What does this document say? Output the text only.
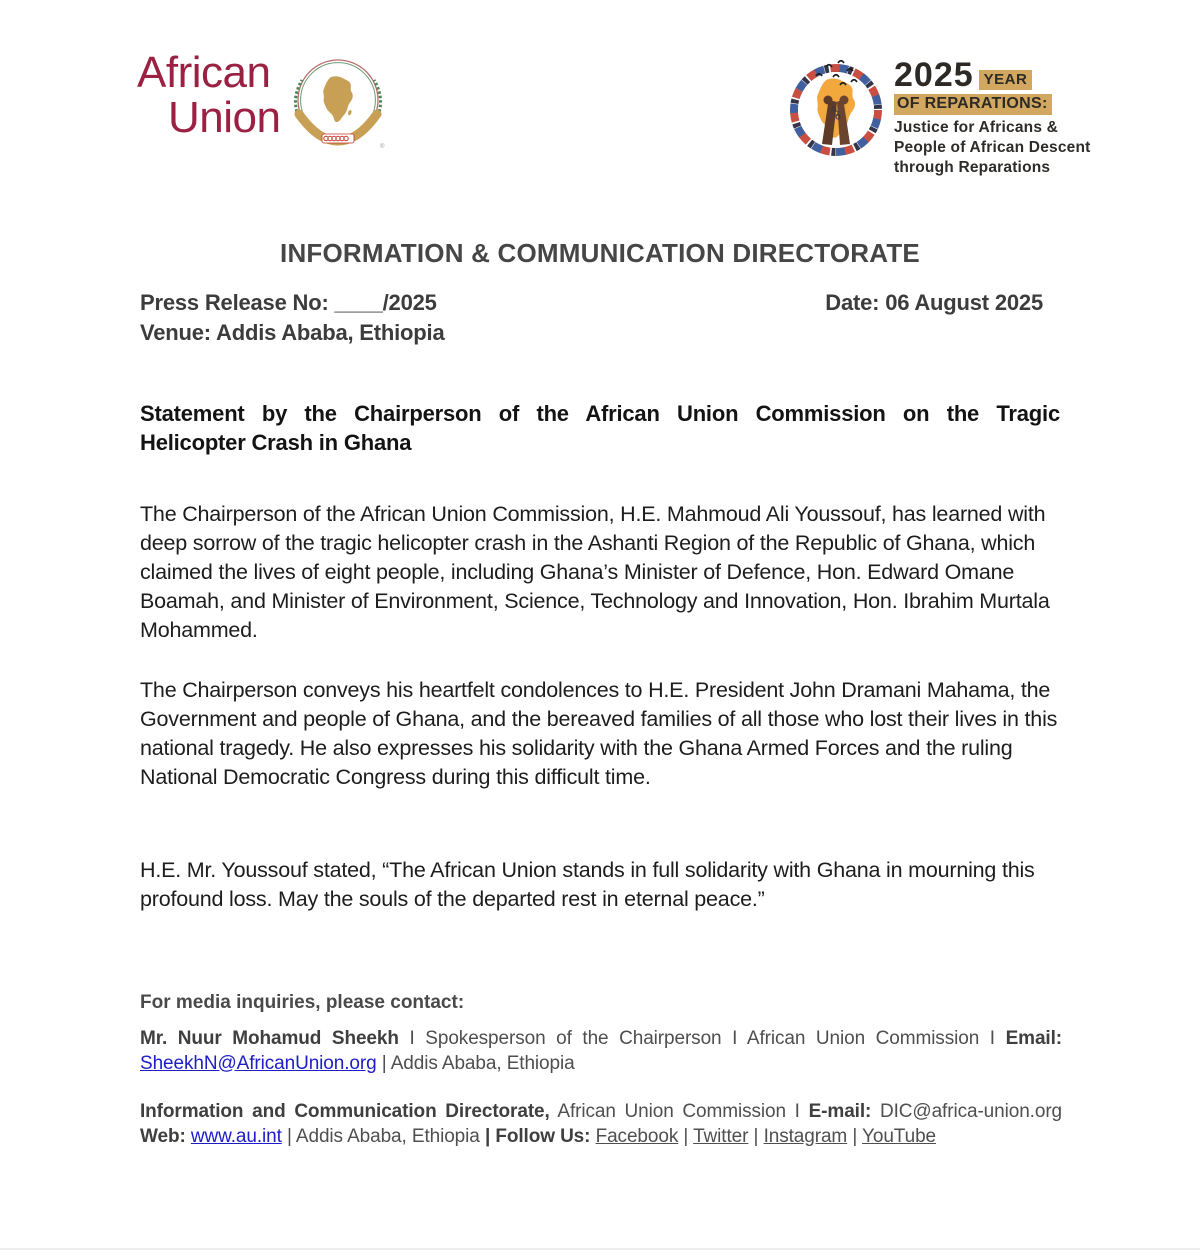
African
Union
®
2025 YEAR
OF REPARATIONS:
Justice for Africans &
People of African Descent
through Reparations
INFORMATION & COMMUNICATION DIRECTORATE
Press Release No: ____/2025	Date: 06 August 2025
Venue: Addis Ababa, Ethiopia
Statement by the Chairperson of the African Union Commission on the Tragic
Helicopter Crash in Ghana
The Chairperson of the African Union Commission, H.E. Mahmoud Ali Youssouf, has learned with deep sorrow of the tragic helicopter crash in the Ashanti Region of the Republic of Ghana, which claimed the lives of eight people, including Ghana’s Minister of Defence, Hon. Edward Omane Boamah, and Minister of Environment, Science, Technology and Innovation, Hon. Ibrahim Murtala Mohammed.
The Chairperson conveys his heartfelt condolences to H.E. President John Dramani Mahama, the Government and people of Ghana, and the bereaved families of all those who lost their lives in this national tragedy. He also expresses his solidarity with the Ghana Armed Forces and the ruling National Democratic Congress during this difficult time.
H.E. Mr. Youssouf stated, “The African Union stands in full solidarity with Ghana in mourning this profound loss. May the souls of the departed rest in eternal peace.”
For media inquiries, please contact:
Mr. Nuur Mohamud Sheekh I Spokesperson of the Chairperson I African Union Commission I Email:
SheekhN@AfricanUnion.org | Addis Ababa, Ethiopia
Information and Communication Directorate, African Union Commission I E-mail: DIC@africa-union.org
Web: www.au.int | Addis Ababa, Ethiopia | Follow Us: Facebook | Twitter | Instagram | YouTube
